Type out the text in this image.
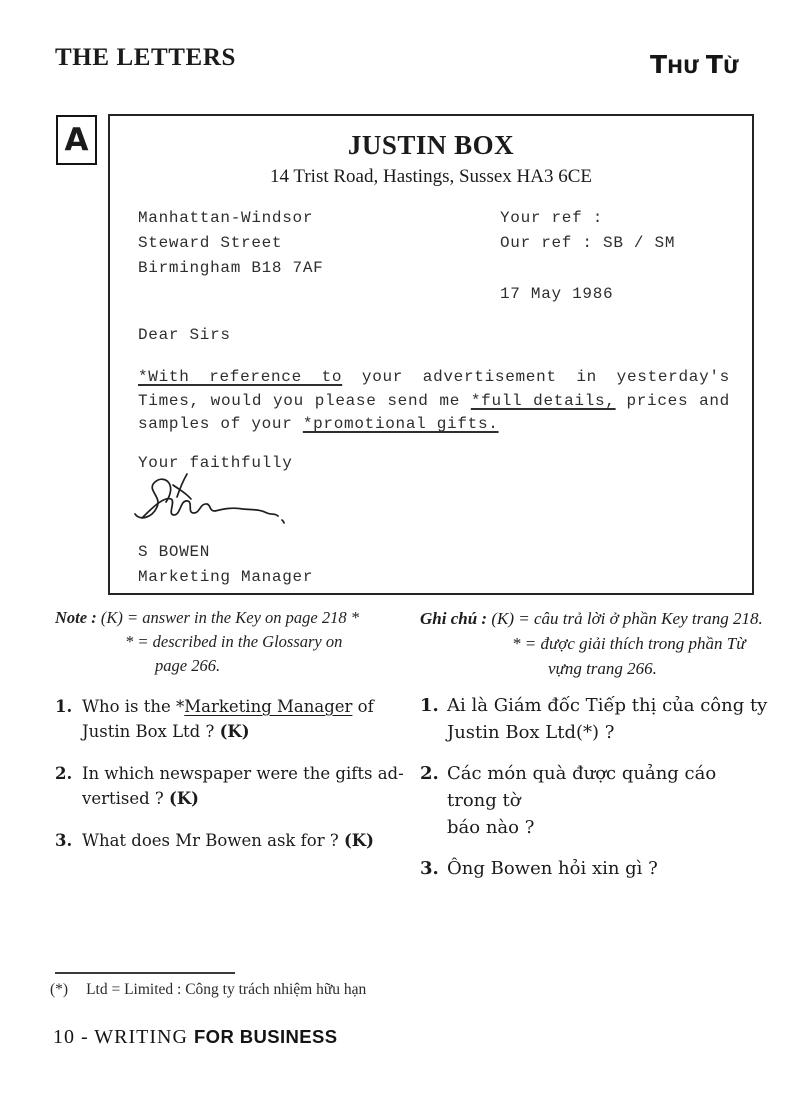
THE LETTERS	THƯ TỪ
A	JUSTIN BOX
14 Trist Road, Hastings, Sussex HA3 6CE
Manhattan-Windsor
Steward Street
Birmingham B18 7AF
Your ref :
Our ref : SB / SM
17 May 1986
Dear Sirs
*With reference to your advertisement in yesterday's
Times, would you please send me *full details, prices and
samples of your *promotional gifts.
Your faithfully
S BOWEN
Marketing Manager
Note : (K) = answer in the Key on page 218 *
* = described in the Glossary on
page 266.
Ghi chú : (K) = câu trả lời ở phần Key trang 218.
* = được giải thích trong phần Từ
vựng trang 266.
1. Who is the *Marketing Manager of
Justin Box Ltd ? (K)
2. In which newspaper were the gifts ad-
vertised ? (K)
3. What does Mr Bowen ask for ? (K)
1. Ai là Giám đốc Tiếp thị của công ty
Justin Box Ltd(*) ?
2. Các món quà được quảng cáo trong tờ
báo nào ?
3. Ông Bowen hỏi xin gì ?
(*) Ltd = Limited : Công ty trách nhiệm hữu hạn
10 - WRITING FOR BUSINESS
